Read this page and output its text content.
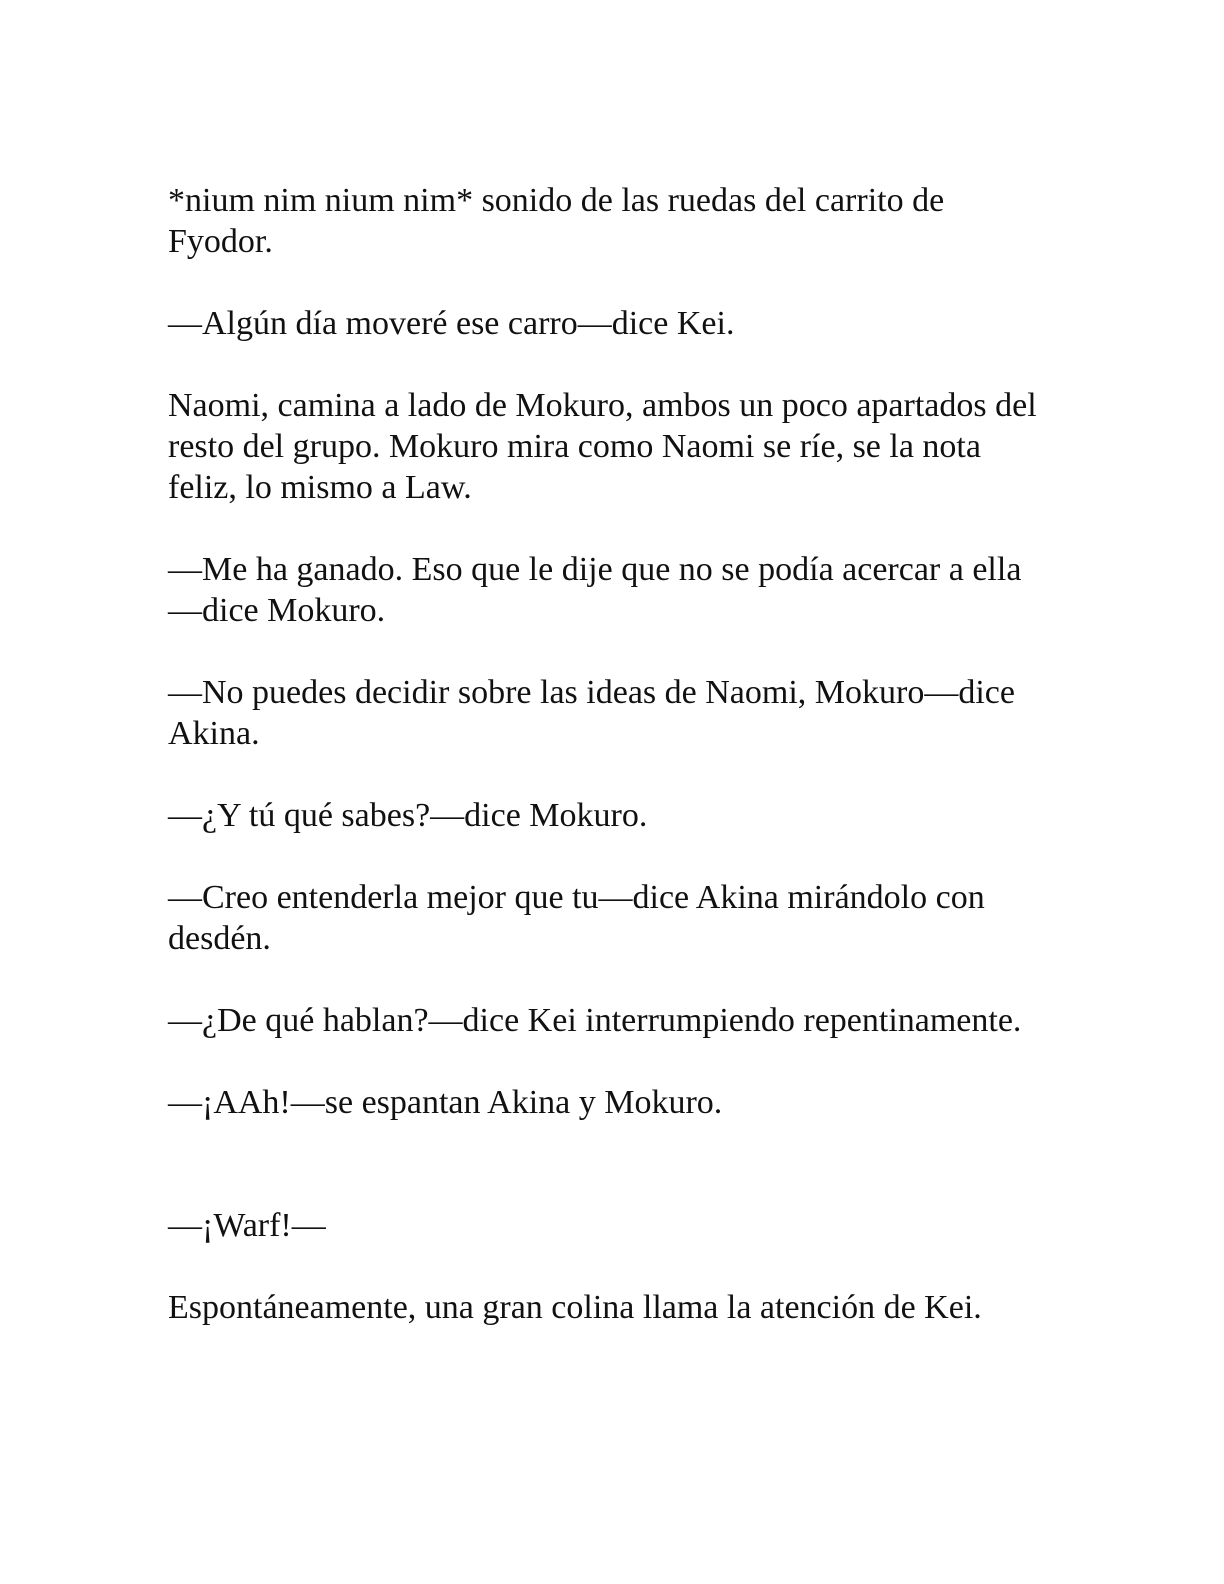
*nium nim nium nim* sonido de las ruedas del carrito de Fyodor.

—Algún día moveré ese carro—dice Kei.

Naomi, camina a lado de Mokuro, ambos un poco apartados del resto del grupo. Mokuro mira como Naomi se ríe, se la nota feliz, lo mismo a Law.

—Me ha ganado. Eso que le dije que no se podía acercar a ella—dice Mokuro.

—No puedes decidir sobre las ideas de Naomi, Mokuro—dice Akina.

—¿Y tú qué sabes?—dice Mokuro.

—Creo entenderla mejor que tu—dice Akina mirándolo con desdén.

—¿De qué hablan?—dice Kei interrumpiendo repentinamente.

—¡AAh!—se espantan Akina y Mokuro.

—¡Warf!—

Espontáneamente, una gran colina llama la atención de Kei.
